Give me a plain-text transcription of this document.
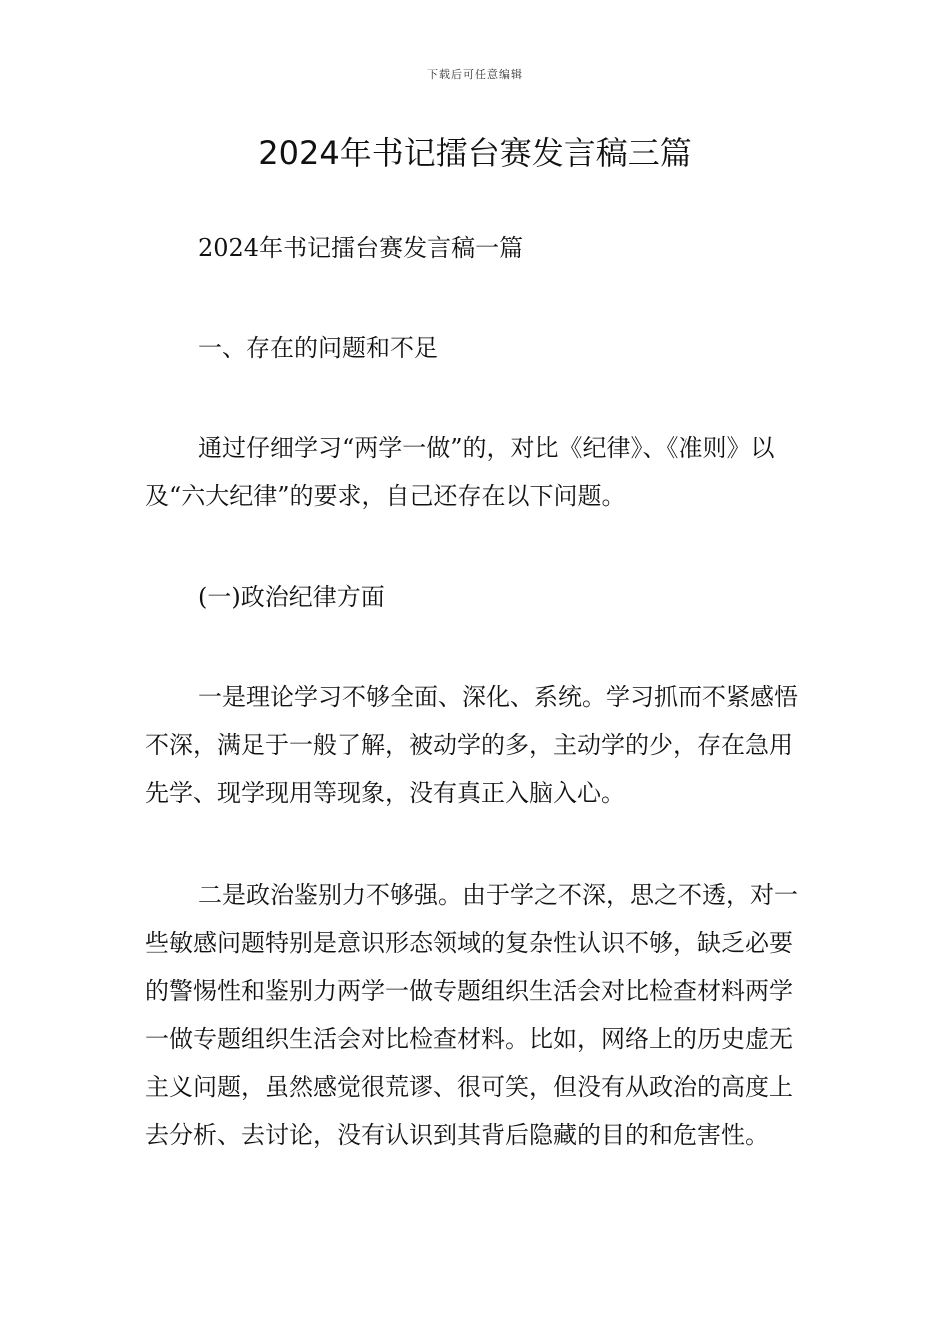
下载后可任意编辑
2024年书记擂台赛发言稿三篇

2024年书记擂台赛发言稿一篇

一、存在的问题和不足

通过仔细学习“两学一做”的，对比《纪律》、《准则》以及“六大纪律”的要求，自己还存在以下问题。

(一)政治纪律方面

一是理论学习不够全面、深化、系统。学习抓而不紧感悟不深，满足于一般了解，被动学的多，主动学的少，存在急用先学、现学现用等现象，没有真正入脑入心。

二是政治鉴别力不够强。由于学之不深，思之不透，对一些敏感问题特别是意识形态领域的复杂性认识不够，缺乏必要的警惕性和鉴别力两学一做专题组织生活会对比检查材料两学一做专题组织生活会对比检查材料。比如，网络上的历史虚无主义问题，虽然感觉很荒谬、很可笑，但没有从政治的高度上去分析、去讨论，没有认识到其背后隐藏的目的和危害性。
